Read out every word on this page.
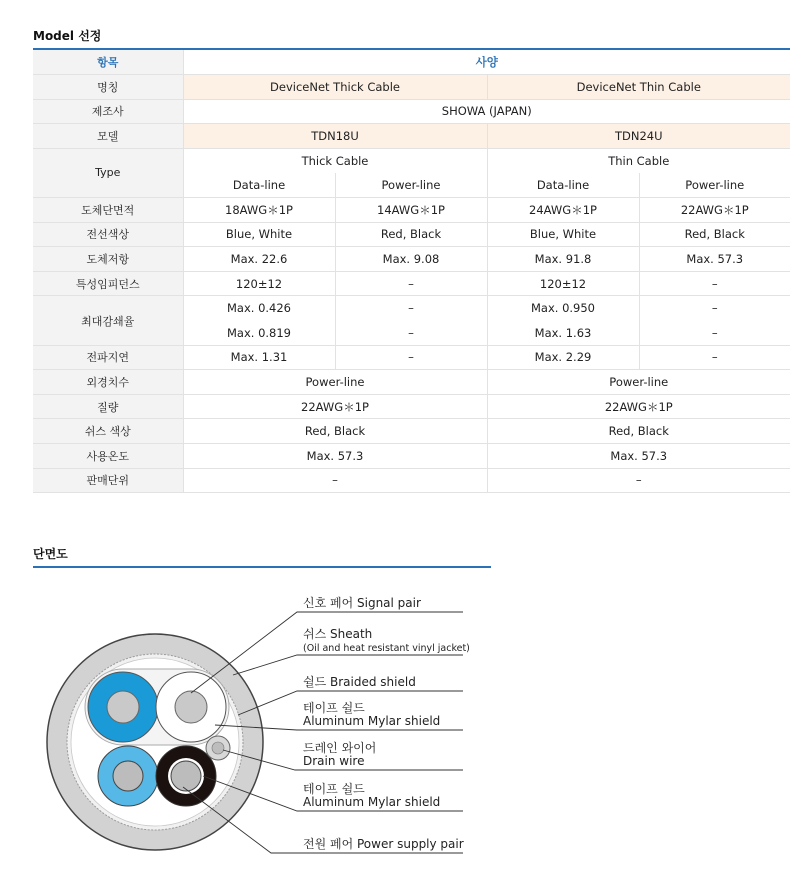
Model 선정
항목	사양			
명칭	DeviceNet Thick Cable		DeviceNet Thin Cable	
제조사	SHOWA (JAPAN)			
모델	TDN18U		TDN24U	
Type	Thick Cable		Thin Cable	
	Data-line	Power-line	Data-line	Power-line
도체단면적	18AWG＊1P	14AWG＊1P	24AWG＊1P	22AWG＊1P
전선색상	Blue, White	Red, Black	Blue, White	Red, Black
도체저항	Max. 22.6	Max. 9.08	Max. 91.8	Max. 57.3
특성임피던스	120±12	–	120±12	–
최대감쇄율	Max. 0.426	–	Max. 0.950	–
	Max. 0.819	–	Max. 1.63	–
전파지연	Max. 1.31	–	Max. 2.29	–
외경치수	Power-line		Power-line	
질량	22AWG＊1P		22AWG＊1P	
쉬스 색상	Red, Black		Red, Black	
사용온도	Max. 57.3		Max. 57.3	
판매단위	–		–	
단면도
신호 페어 Signal pair
쉬스 Sheath
(Oil and heat resistant vinyl jacket)
쉴드 Braided shield
테이프 쉴드
Aluminum Mylar shield
드레인 와이어
Drain wire
테이프 쉴드
Aluminum Mylar shield
전원 페어 Power supply pair
